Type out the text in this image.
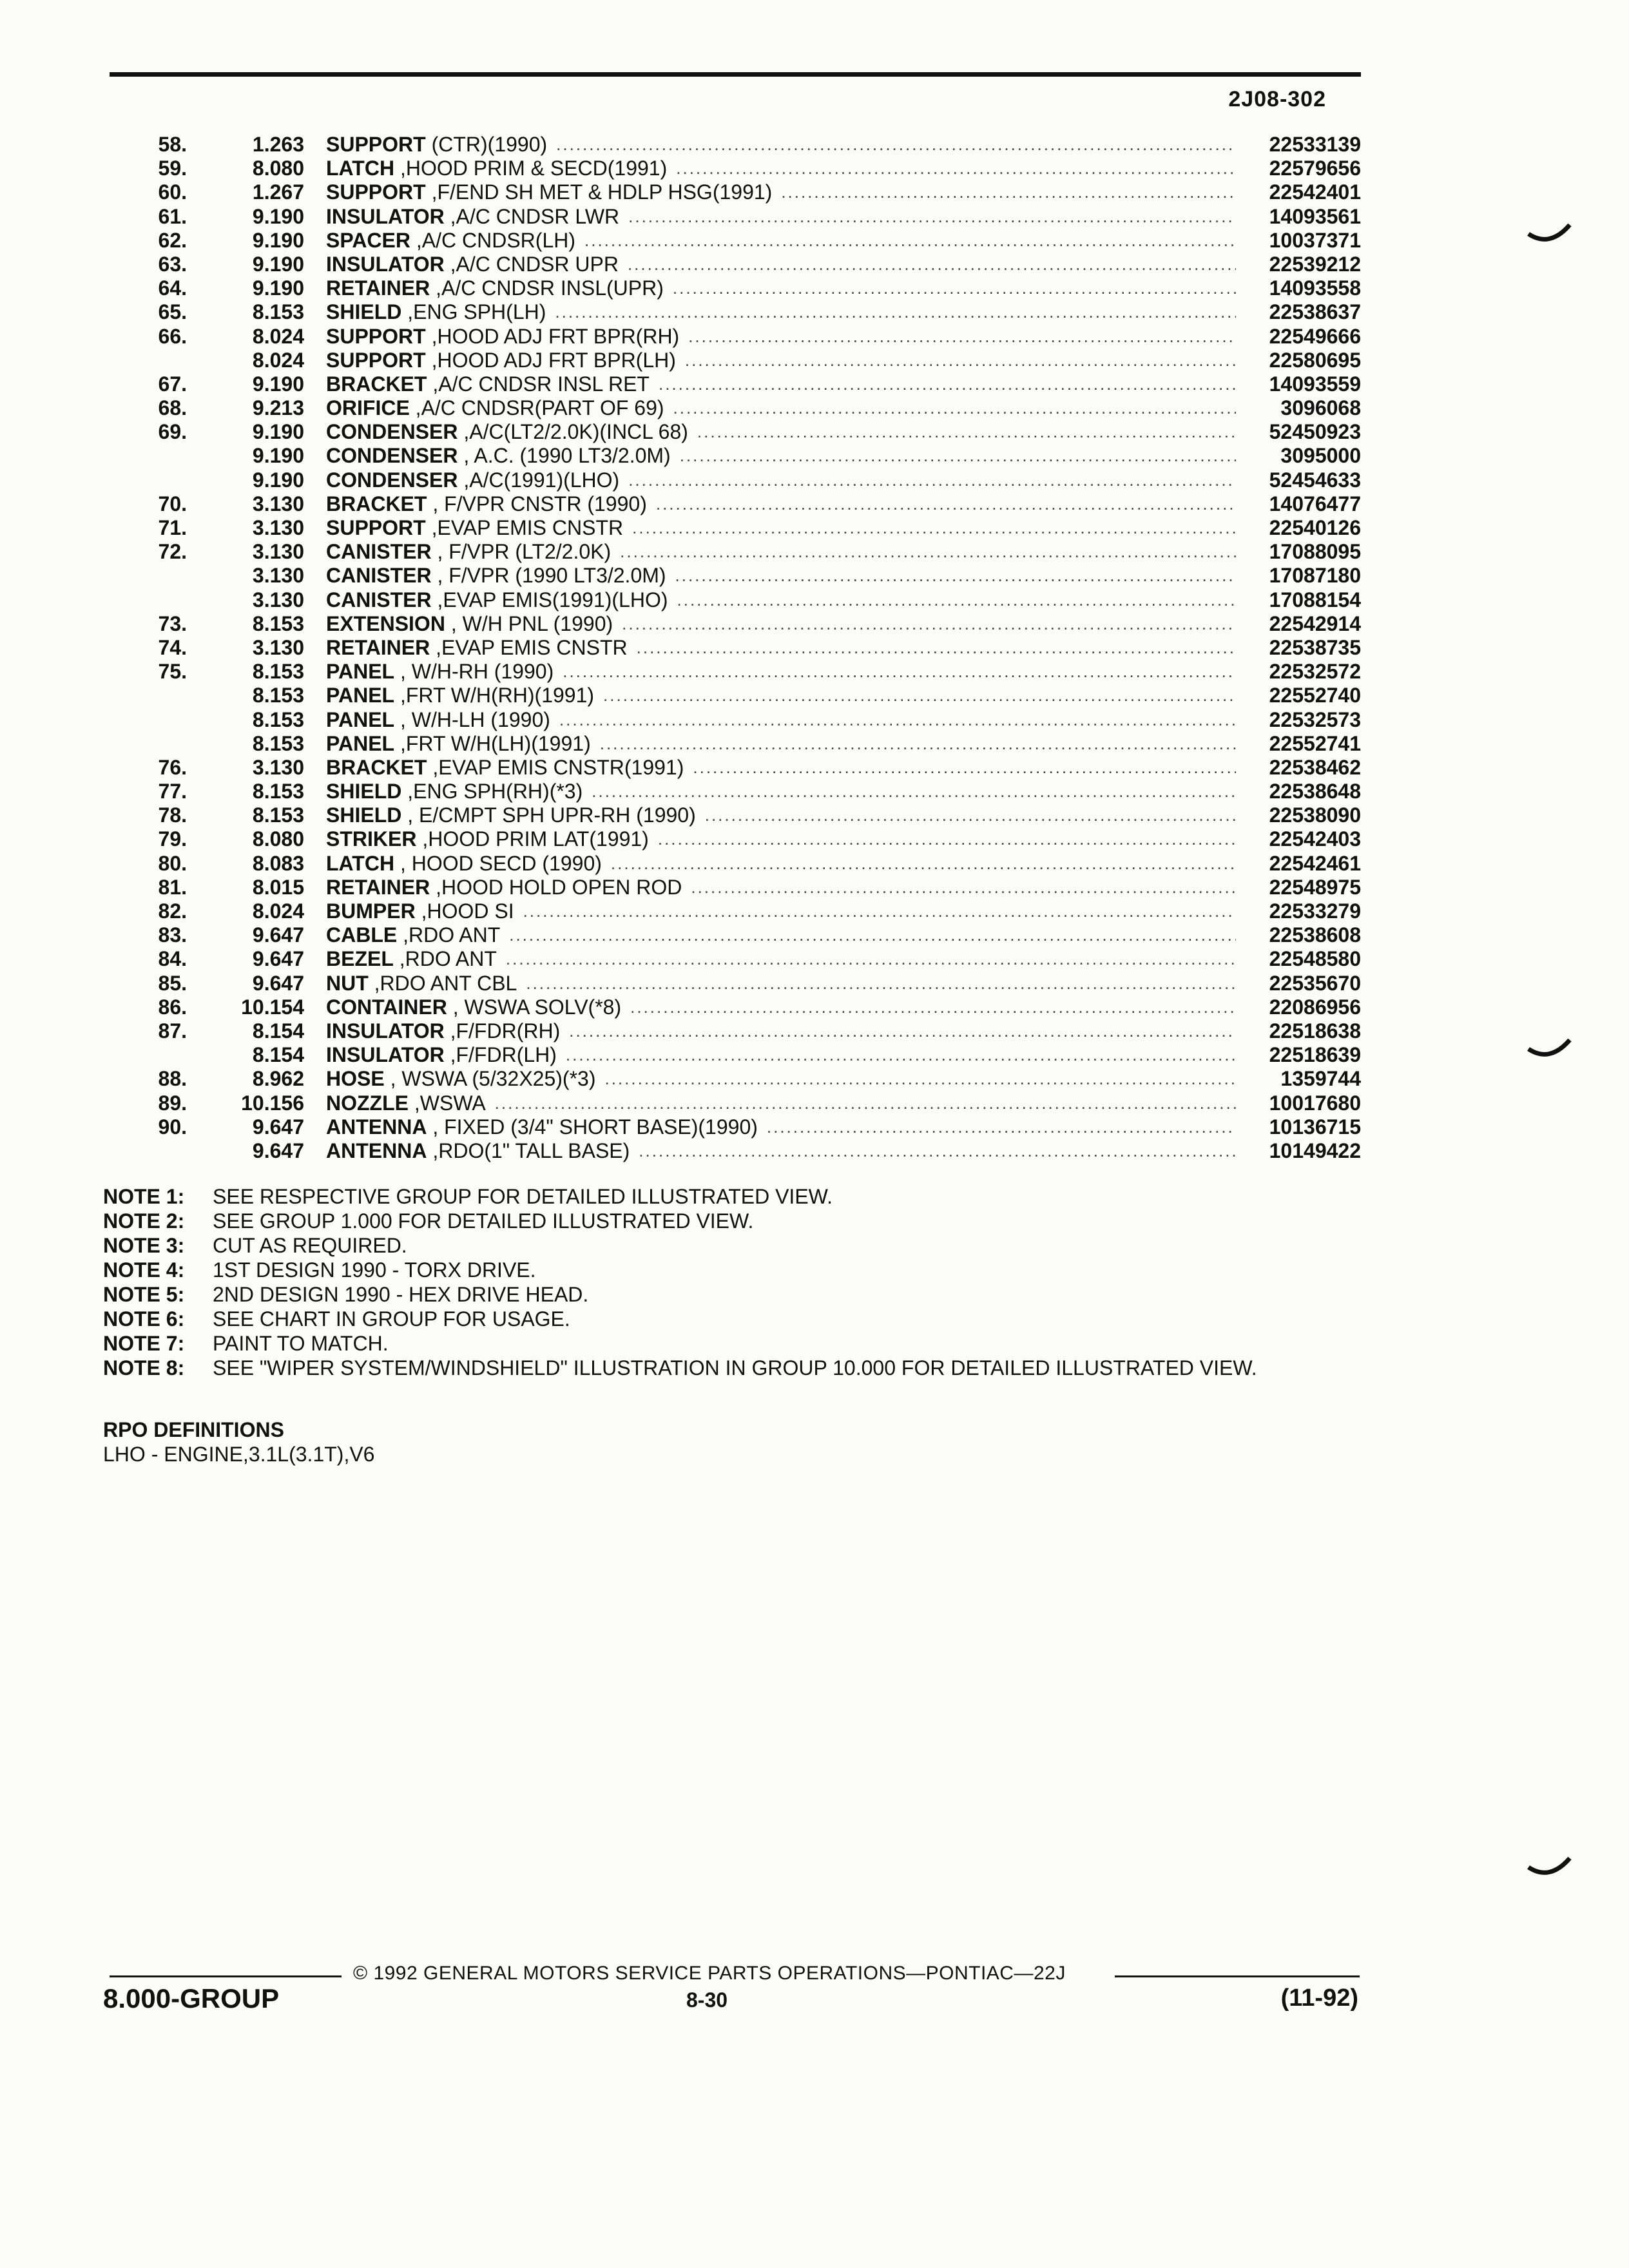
2J08-302
58.	1.263 SUPPORT (CTR)(1990) .....	22533139
59.	8.080 LATCH ,HOOD PRIM & SECD(1991) .....	22579656
60.	1.267 SUPPORT ,F/END SH MET & HDLP HSG(1991) .....	22542401
61.	9.190 INSULATOR ,A/C CNDSR LWR .....	14093561
62.	9.190 SPACER ,A/C CNDSR(LH) .....	10037371
63.	9.190 INSULATOR ,A/C CNDSR UPR .....	22539212
64.	9.190 RETAINER ,A/C CNDSR INSL(UPR) .....	14093558
65.	8.153 SHIELD ,ENG SPH(LH) .....	22538637
66.	8.024 SUPPORT ,HOOD ADJ FRT BPR(RH) .....	22549666
8.024 SUPPORT ,HOOD ADJ FRT BPR(LH) .....	22580695
67.	9.190 BRACKET ,A/C CNDSR INSL RET .....	14093559
68.	9.213 ORIFICE ,A/C CNDSR(PART OF 69) .....	3096068
69.	9.190 CONDENSER ,A/C(LT2/2.0K)(INCL 68) .....	52450923
9.190 CONDENSER , A.C. (1990 LT3/2.0M) .....	3095000
9.190 CONDENSER ,A/C(1991)(LHO) .....	52454633
70.	3.130 BRACKET , F/VPR CNSTR (1990) .....	14076477
71.	3.130 SUPPORT ,EVAP EMIS CNSTR .....	22540126
72.	3.130 CANISTER , F/VPR (LT2/2.0K) .....	17088095
3.130 CANISTER , F/VPR (1990 LT3/2.0M) .....	17087180
3.130 CANISTER ,EVAP EMIS(1991)(LHO) .....	17088154
73.	8.153 EXTENSION , W/H PNL (1990) .....	22542914
74.	3.130 RETAINER ,EVAP EMIS CNSTR .....	22538735
75.	8.153 PANEL , W/H-RH (1990) .....	22532572
8.153 PANEL ,FRT W/H(RH)(1991) .....	22552740
8.153 PANEL , W/H-LH (1990) .....	22532573
8.153 PANEL ,FRT W/H(LH)(1991) .....	22552741
76.	3.130 BRACKET ,EVAP EMIS CNSTR(1991) .....	22538462
77.	8.153 SHIELD ,ENG SPH(RH)(*3) .....	22538648
78.	8.153 SHIELD , E/CMPT SPH UPR-RH (1990) .....	22538090
79.	8.080 STRIKER ,HOOD PRIM LAT(1991) .....	22542403
80.	8.083 LATCH , HOOD SECD (1990) .....	22542461
81.	8.015 RETAINER ,HOOD HOLD OPEN ROD .....	22548975
82.	8.024 BUMPER ,HOOD SI .....	22533279
83.	9.647 CABLE ,RDO ANT .....	22538608
84.	9.647 BEZEL ,RDO ANT .....	22548580
85.	9.647 NUT ,RDO ANT CBL .....	22535670
86.	10.154 CONTAINER , WSWA SOLV(*8) .....	22086956
87.	8.154 INSULATOR ,F/FDR(RH) .....	22518638
8.154 INSULATOR ,F/FDR(LH) .....	22518639
88.	8.962 HOSE , WSWA (5/32X25)(*3) .....	1359744
89.	10.156 NOZZLE ,WSWA .....	10017680
90.	9.647 ANTENNA , FIXED (3/4" SHORT BASE)(1990) .....	10136715
9.647 ANTENNA ,RDO(1" TALL BASE) .....	10149422
NOTE 1:	SEE RESPECTIVE GROUP FOR DETAILED ILLUSTRATED VIEW.
NOTE 2:	SEE GROUP 1.000 FOR DETAILED ILLUSTRATED VIEW.
NOTE 3:	CUT AS REQUIRED.
NOTE 4:	1ST DESIGN 1990 - TORX DRIVE.
NOTE 5:	2ND DESIGN 1990 - HEX DRIVE HEAD.
NOTE 6:	SEE CHART IN GROUP FOR USAGE.
NOTE 7:	PAINT TO MATCH.
NOTE 8:	SEE "WIPER SYSTEM/WINDSHIELD" ILLUSTRATION IN GROUP 10.000 FOR DETAILED ILLUSTRATED VIEW.
RPO DEFINITIONS
LHO - ENGINE,3.1L(3.1T),V6
© 1992 GENERAL MOTORS SERVICE PARTS OPERATIONS—PONTIAC—22J
8.000-GROUP	8-30	(11-92)
